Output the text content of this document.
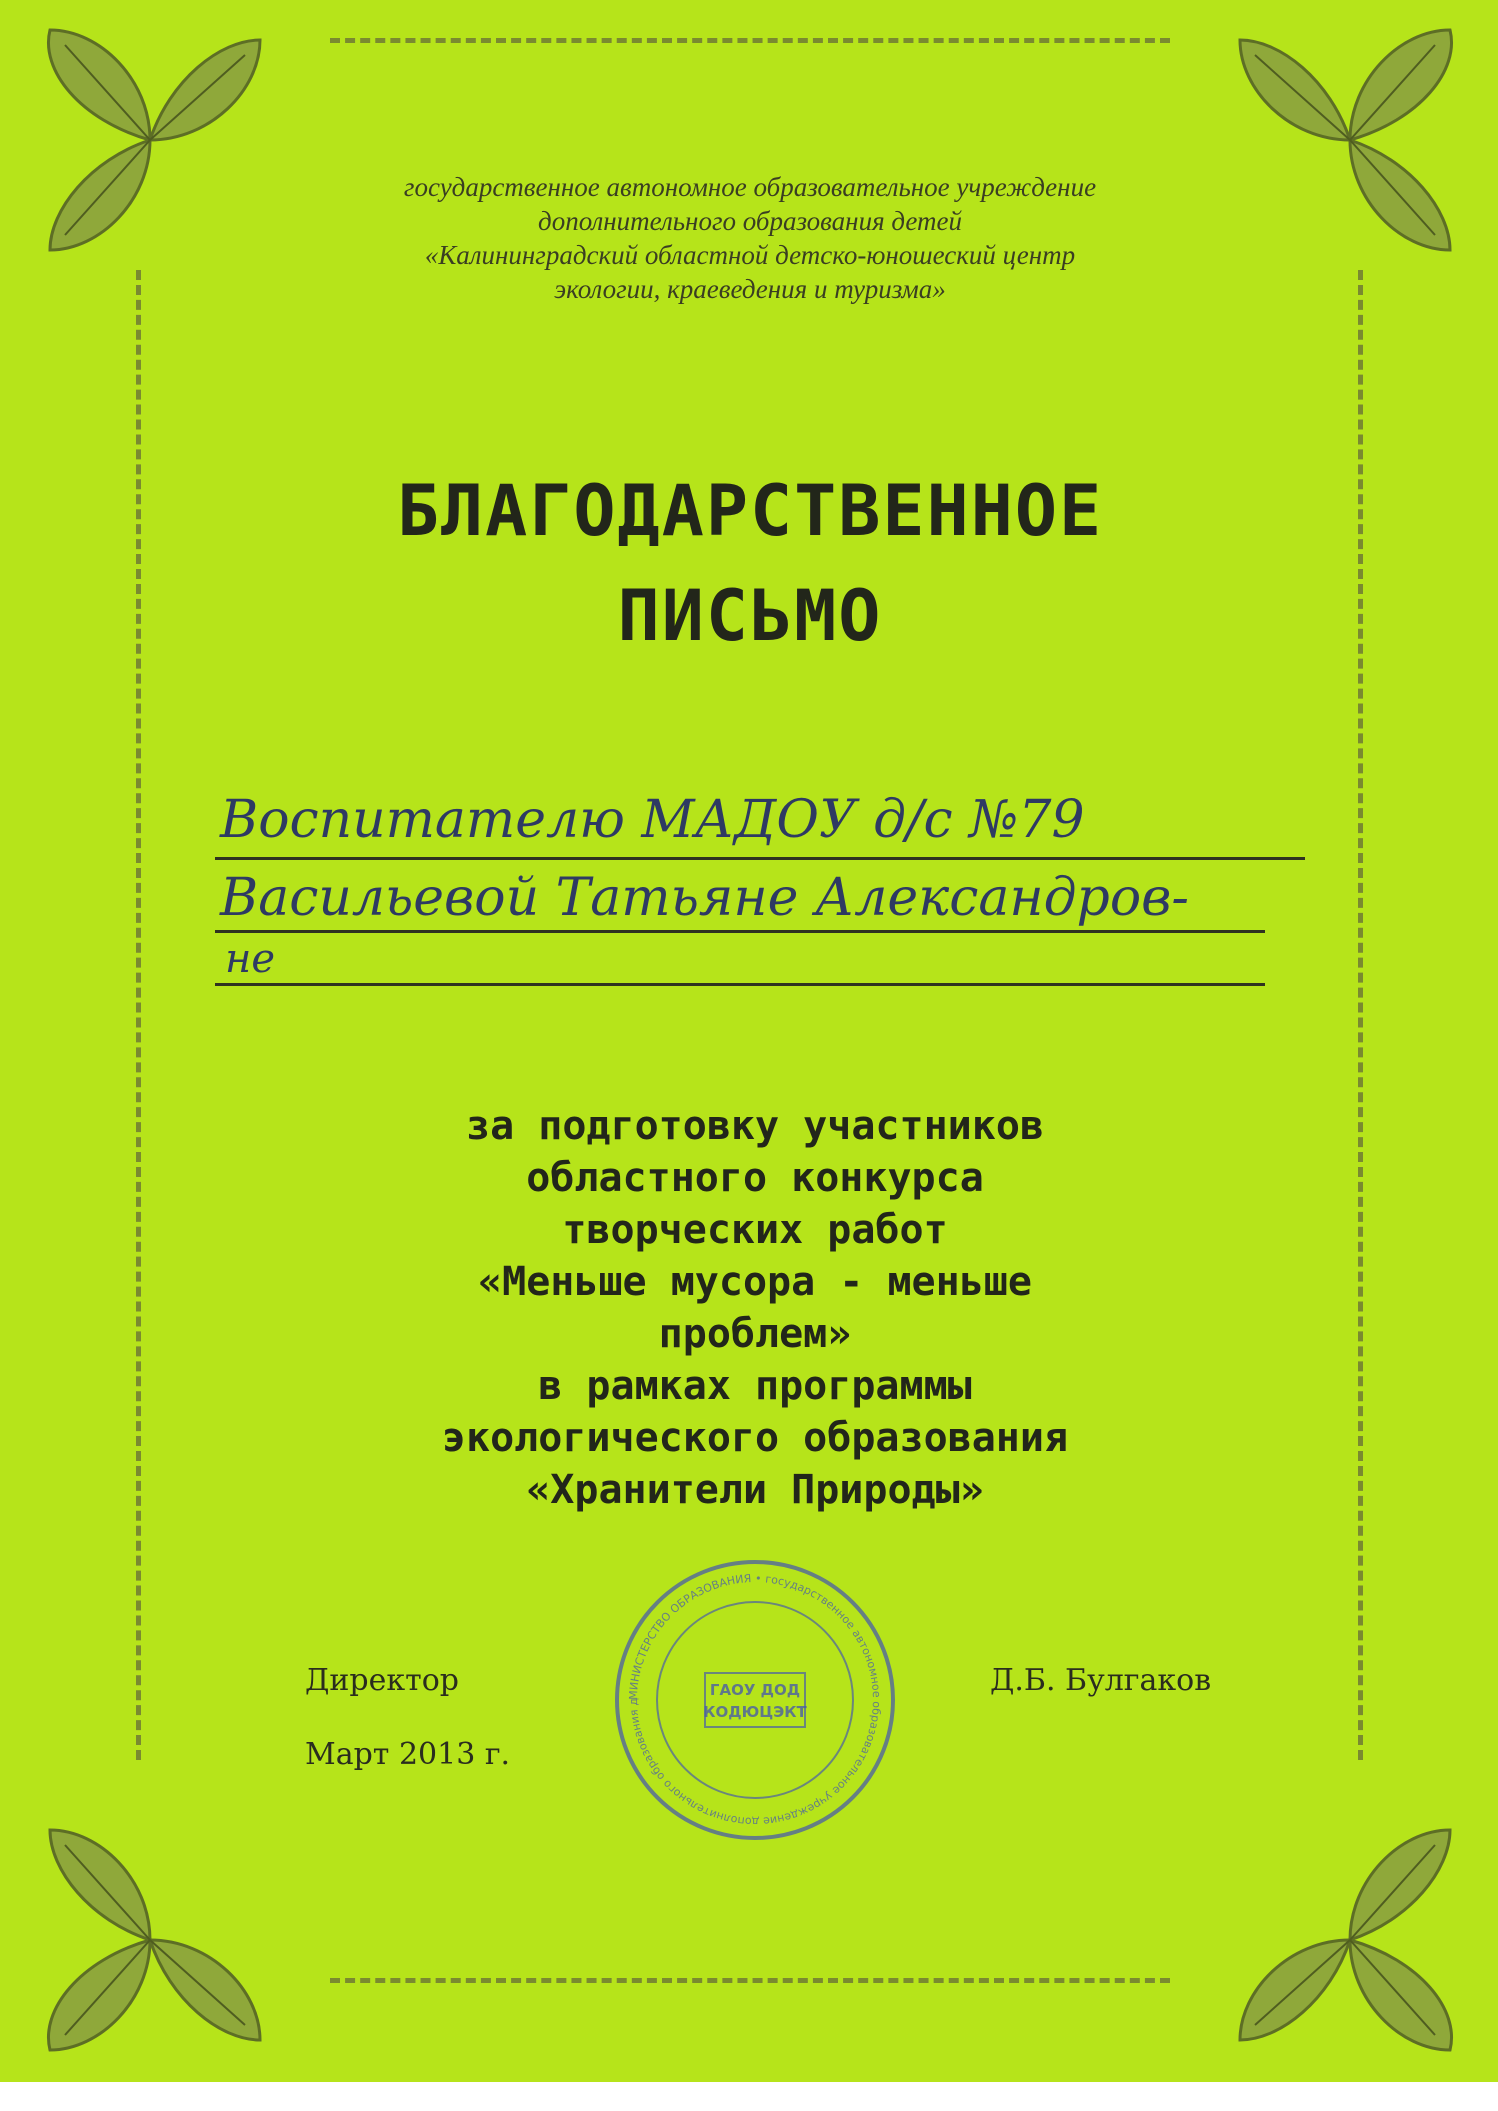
государственное автономное образовательное учреждение
дополнительного образования детей
«Калининградский областной детско-юношеский центр
экологии, краеведения и туризма»
БЛАГОДАРСТВЕННОЕ
ПИСЬМО
Воспитателю МАДОУ д/с №79
Васильевой Татьяне Александров-
не
за подготовку участников
областного конкурса
творческих работ
«Меньше мусора - меньше
проблем»
в рамках программы
экологического образования
«Хранители Природы»
Директор
Март 2013 г.
Д.Б. Булгаков
МИНИСТЕРСТВО ОБРАЗОВАНИЯ • государственное автономное образовательное учреждение дополнительного образования д
ГАОУ ДОД
КОДЮЦЭКТ
